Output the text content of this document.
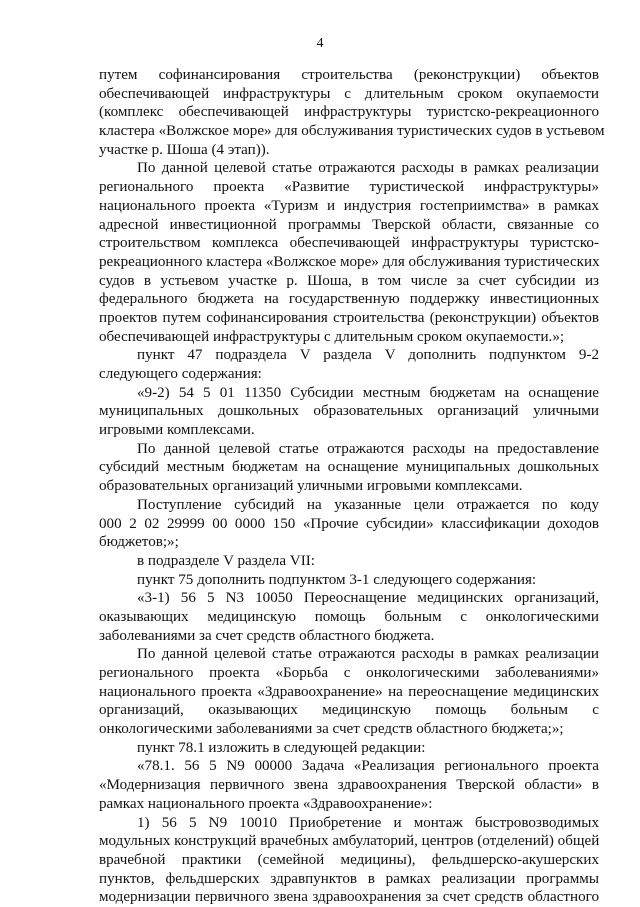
4
путем софинансирования строительства (реконструкции) объектов
обеспечивающей инфраструктуры с длительным сроком окупаемости
(комплекс обеспечивающей инфраструктуры туристско-рекреационного
кластера «Волжское море» для обслуживания туристических судов в устьевом
участке р. Шоша (4 этап)).
По данной целевой статье отражаются расходы в рамках реализации
регионального проекта «Развитие туристической инфраструктуры»
национального проекта «Туризм и индустрия гостеприимства» в рамках
адресной инвестиционной программы Тверской области, связанные со
строительством комплекса обеспечивающей инфраструктуры туристско-
рекреационного кластера «Волжское море» для обслуживания туристических
судов в устьевом участке р. Шоша, в том числе за счет субсидии из
федерального бюджета на государственную поддержку инвестиционных
проектов путем софинансирования строительства (реконструкции) объектов
обеспечивающей инфраструктуры с длительным сроком окупаемости.»;
пункт 47 подраздела V раздела V дополнить подпунктом 9-2
следующего содержания:
«9-2) 54 5 01 11350 Субсидии местным бюджетам на оснащение
муниципальных дошкольных образовательных организаций уличными
игровыми комплексами.
По данной целевой статье отражаются расходы на предоставление
субсидий местным бюджетам на оснащение муниципальных дошкольных
образовательных организаций уличными игровыми комплексами.
Поступление субсидий на указанные цели отражается по коду
000 2 02 29999 00 0000 150 «Прочие субсидии» классификации доходов
бюджетов;»;
в подразделе V раздела VII:
пункт 75 дополнить подпунктом 3-1 следующего содержания:
«3-1) 56 5 N3 10050 Переоснащение медицинских организаций,
оказывающих медицинскую помощь больным с онкологическими
заболеваниями за счет средств областного бюджета.
По данной целевой статье отражаются расходы в рамках реализации
регионального проекта «Борьба с онкологическими заболеваниями»
национального проекта «Здравоохранение» на переоснащение медицинских
организаций, оказывающих медицинскую помощь больным с
онкологическими заболеваниями за счет средств областного бюджета;»;
пункт 78.1 изложить в следующей редакции:
«78.1. 56 5 N9 00000 Задача «Реализация регионального проекта
«Модернизация первичного звена здравоохранения Тверской области» в
рамках национального проекта «Здравоохранение»:
1) 56 5 N9 10010 Приобретение и монтаж быстровозводимых
модульных конструкций врачебных амбулаторий, центров (отделений) общей
врачебной практики (семейной медицины), фельдшерско-акушерских
пунктов, фельдшерских здравпунктов в рамках реализации программы
модернизации первичного звена здравоохранения за счет средств областного
